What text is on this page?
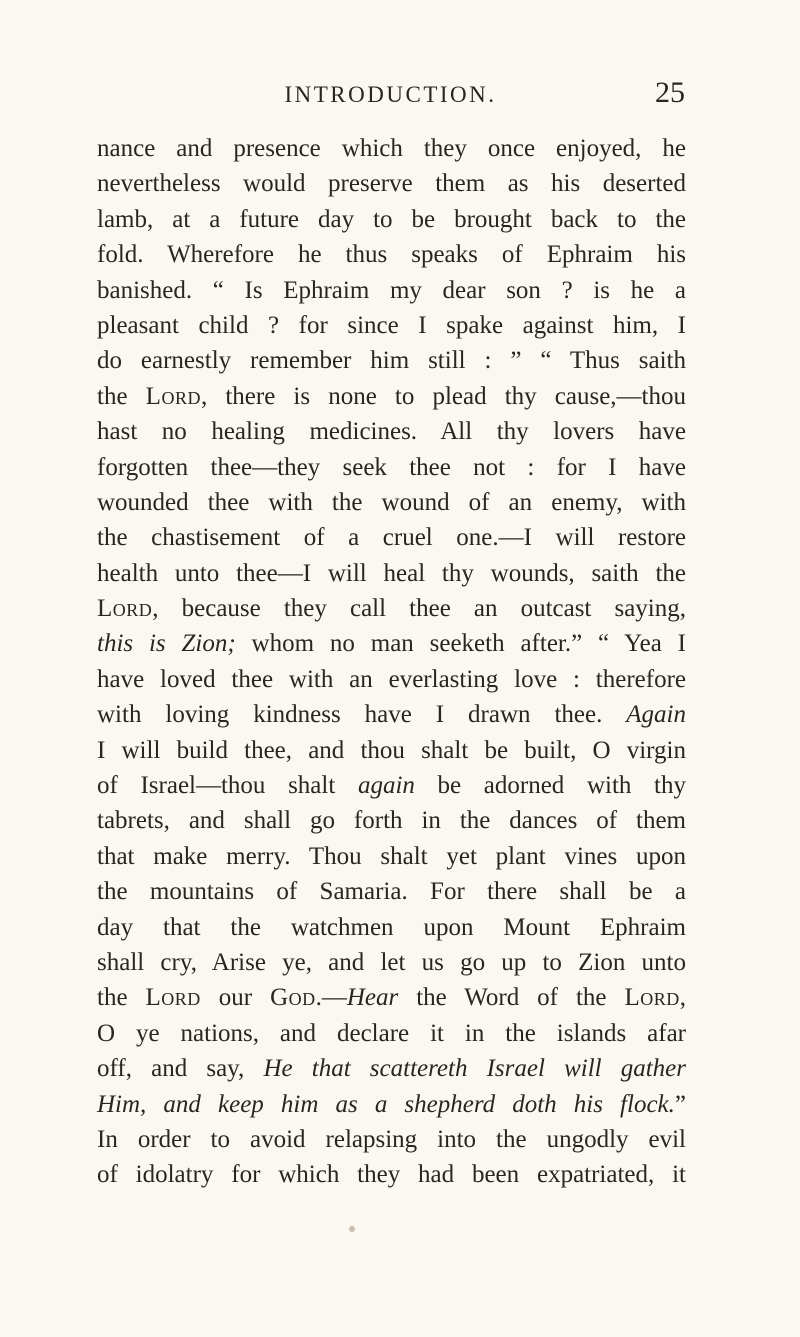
INTRODUCTION.	25
nance and presence which they once enjoyed, he
nevertheless would preserve them as his deserted
lamb, at a future day to be brought back to the
fold. Wherefore he thus speaks of Ephraim his
banished. “ Is Ephraim my dear son ? is he a
pleasant child ? for since I spake against him, I
do earnestly remember him still : ” “ Thus saith
the Lord, there is none to plead thy cause,—thou
hast no healing medicines. All thy lovers have
forgotten thee—they seek thee not : for I have
wounded thee with the wound of an enemy, with
the chastisement of a cruel one.—I will restore
health unto thee—I will heal thy wounds, saith the
Lord, because they call thee an outcast saying,
this is Zion; whom no man seeketh after.” “ Yea I
have loved thee with an everlasting love : therefore
with loving kindness have I drawn thee. Again
I will build thee, and thou shalt be built, O virgin
of Israel—thou shalt again be adorned with thy
tabrets, and shall go forth in the dances of them
that make merry. Thou shalt yet plant vines upon
the mountains of Samaria. For there shall be a
day that the watchmen upon Mount Ephraim
shall cry, Arise ye, and let us go up to Zion unto
the Lord our God.—Hear the Word of the Lord,
O ye nations, and declare it in the islands afar
off, and say, He that scattereth Israel will gather
Him, and keep him as a shepherd doth his flock.”
In order to avoid relapsing into the ungodly evil
of idolatry for which they had been expatriated, it
